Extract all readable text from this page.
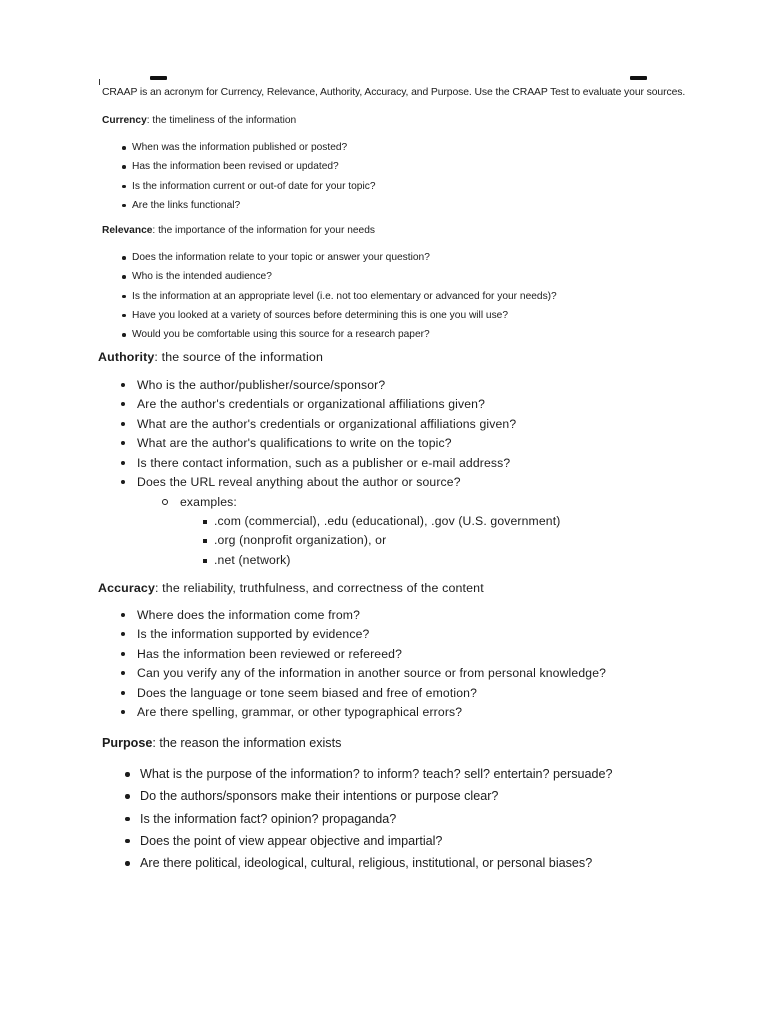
CRAAP is an acronym for Currency, Relevance, Authority, Accuracy, and Purpose. Use the CRAAP Test to evaluate your sources.
Currency: the timeliness of the information
When was the information published or posted?
Has the information been revised or updated?
Is the information current or out-of date for your topic?
Are the links functional?
Relevance: the importance of the information for your needs
Does the information relate to your topic or answer your question?
Who is the intended audience?
Is the information at an appropriate level (i.e. not too elementary or advanced for your needs)?
Have you looked at a variety of sources before determining this is one you will use?
Would you be comfortable using this source for a research paper?
Authority: the source of the information
Who is the author/publisher/source/sponsor?
Are the author's credentials or organizational affiliations given?
What are the author's credentials or organizational affiliations given?
What are the author's qualifications to write on the topic?
Is there contact information, such as a publisher or e-mail address?
Does the URL reveal anything about the author or source?
examples:
.com (commercial), .edu (educational), .gov (U.S. government)
.org (nonprofit organization), or
.net (network)
Accuracy: the reliability, truthfulness, and correctness of the content
Where does the information come from?
Is the information supported by evidence?
Has the information been reviewed or refereed?
Can you verify any of the information in another source or from personal knowledge?
Does the language or tone seem biased and free of emotion?
Are there spelling, grammar, or other typographical errors?
Purpose: the reason the information exists
What is the purpose of the information? to inform? teach? sell? entertain? persuade?
Do the authors/sponsors make their intentions or purpose clear?
Is the information fact? opinion? propaganda?
Does the point of view appear objective and impartial?
Are there political, ideological, cultural, religious, institutional, or personal biases?
